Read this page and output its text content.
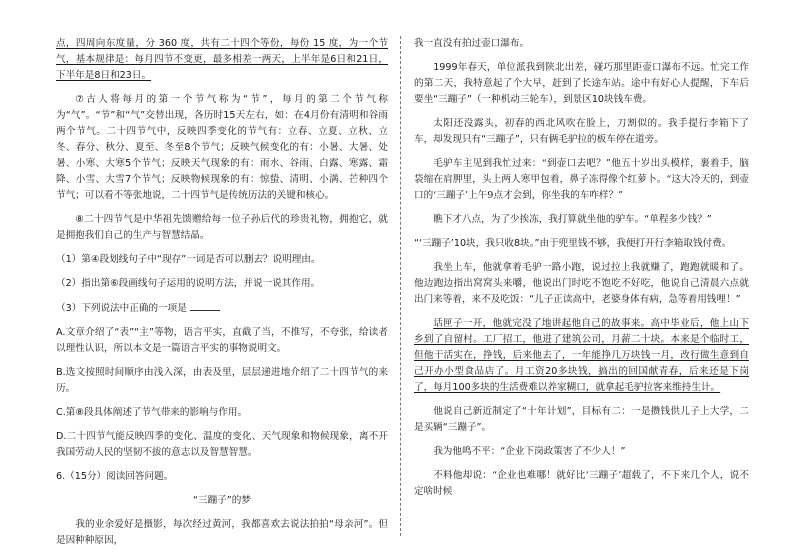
点，四周向东度量，分 360 度，共有二十四个等份，每份 15 度，为一个节气，基本规律是：每月四节不变更，最多相差一两天，上半年是6日和21日，下半年是8日和23日。

⑦古人将每月的第一个节气称为“节”，每月的第二个节气称为“气”。“节”和“气”交替出现，各历时15天左右，如：在4月份有清明和谷雨两个节气。二十四节气中，反映四季变化的节气有：立春、立夏、立秋、立冬、春分、秋分、夏至、冬至8个节气；反映气候变化的有：小暑、大暑、处暑、小寒、大寒5个节气；反映天气现象的有：雨水、谷雨、白露、寒露、霜降、小雪、大雪7个节气；反映物候现象的有：惊蛰、清明、小满、芒种四个节气；可以看不等张地说，二十四节气是传统历法的关键和核心。

⑧二十四节气是中华祖先馈赠给每一位子孙后代的珍贵礼物，拥抱它，就是拥抱我们自己的生产与智慧结晶。

（1）第④段划线句子中“现存”一词是否可以删去？说明理由。

（2）指出第⑥段画线句子运用的说明方法，并说一说其作用。

（3）下列说法中正确的一项是

A.文章介绍了“表”“主”等物，语言平实，直截了当，不推写，不夸张，给读者以理性认识，所以本文是一篇语言平实的事物说明文。

B.选文按照时间顺序由浅入深，由表及里，层层递进地介绍了二十四节气的来历。

C.第⑧段具体阐述了节气带来的影响与作用。

D.二十四节气能反映四季的变化、温度的变化、天气现象和物候现象，离不开我国劳动人民的坚韧不拔的意志以及智慧智慧。

6.（15分）阅读回答问题。

“三蹦子”的梦

我的业余爱好是摄影，每次经过黄河，我都喜欢去说法拍拍“母亲河”。但是因种种原因，

我一直没有拍过壶口瀑布。

1999年春天，单位派我到陕北出差，碰巧那里距壶口瀑布不远。忙完工作的第二天，我特意起了个大早，赶到了长途车站。途中有好心人提醒，下车后要坐“三蹦子”（一种机动三轮车），到景区10块钱车费。

太阳还没露头，初春的西北风吹在脸上，刀割似的。我手提行李箱下了车，却发现只有“三蹦子”，只有俩毛驴拉的板车停在道旁。

毛驴车主见到我忙过来：“到壶口去吧？”他五十岁出头模样，裹着手，脑袋缩在肩胛里，头上两人寒甲包着，鼻子冻得像个红萝卜。“这大冷天的，到壶口的‘三蹦子’上午9点才会到，你坐我的车咋样？”

瞧下才八点，为了少挨冻，我打算就坐他的驴车。“单程多少钱？”

“‘三蹦子’10块，我只收8块。”由于兜里钱不够，我便打开行李箱取钱付费。

我坐上车，他就拿着毛驴一路小跑，说过拉上我就赚了，跑跑就暖和了。他边跑边指出窝窝头来嚼，他说出门时吃不饱吃不好吃，他说自己清晨六点就出门来等着，来不及吃饭：“儿子正读高中，老婆身体有病，急等着用钱哩！”

话匣子一开，他就完没了地讲起他自己的故事来。高中毕业后，他上山下乡到了自留村。工厂招工，他进了建筑公司，月薪二十块。本来是个临时工，但他干活实在，挣钱，后来他去了，一年能挣几万块钱一月，改行做生意到自己开办小型食品店了。月工资20多块钱，搞出的回国献青春，后来还是下岗了，每月100多块的生活费难以养家糊口，就拿起毛驴拉客来维持生计。

他说自己新近制定了“十年计划”，目标有二：一是攒钱供儿子上大学，二是买辆“三蹦子”。

我为他鸣不平：“企业下岗政策害了不少人！”

不料他却说：“企业也难哪！就好比‘三蹦子’超载了，不下来几个人，说不定啥时候
